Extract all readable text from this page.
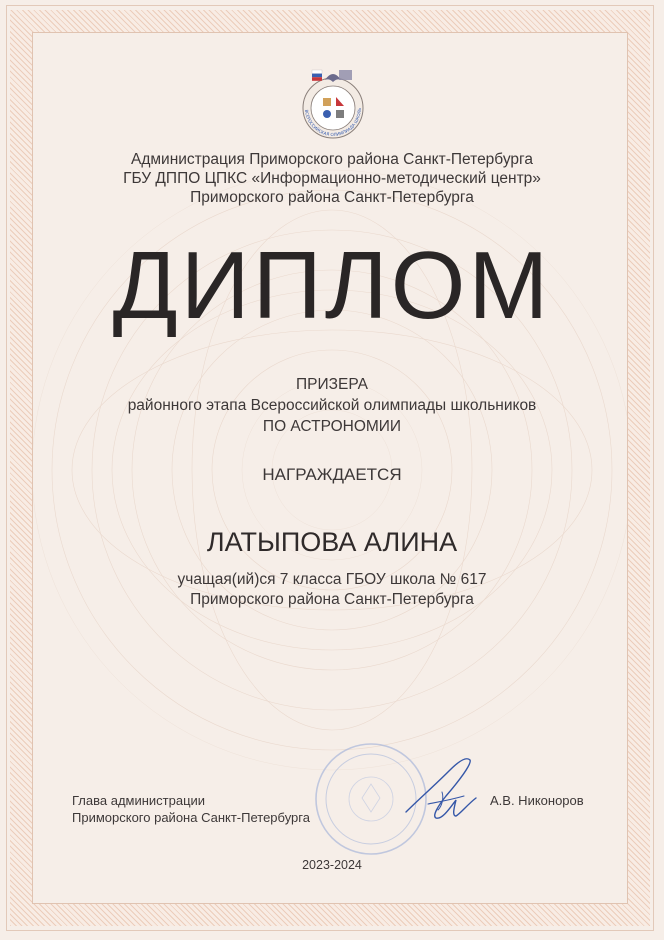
ВСЕРОССИЙСКАЯ ОЛИМПИАДА ШКОЛЬ
Администрация Приморского района Санкт-Петербурга
ГБУ ДППО ЦПКС «Информационно-методический центр»
Приморского района Санкт-Петербурга
ДИПЛОМ
ПРИЗЕРА
районного этапа Всероссийской олимпиады школьников
ПО АСТРОНОМИИ
НАГРАЖДАЕТСЯ
ЛАТЫПОВА АЛИНА
учащая(ий)ся 7 класса ГБОУ школа № 617
Приморского района Санкт-Петербурга
Глава администрации
Приморского района Санкт-Петербурга
А.В. Никоноров
2023-2024
